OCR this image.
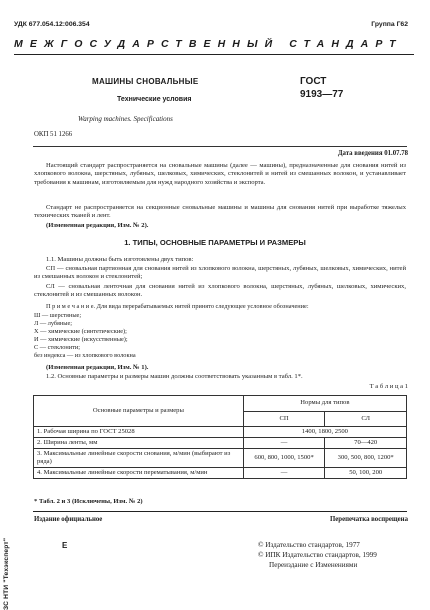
УДК 677.054.12:006.354	Группа Г62
МЕЖГОСУДАРСТВЕННЫЙ СТАНДАРТ
МАШИНЫ СНОВАЛЬНЫЕ
Технические условия
Warping machines. Specifications
ГОСТ
9193—77
ОКП 51 1266
Дата введения 01.07.78
Настоящий стандарт распространяется на сновальные машины (далее — машины), предназначенные для снования нитей из хлопкового волокна, шерстяных, лубяных, шелковых, химических, стеклонитей и нитей из смешанных волокон, и устанавливает требования к машинам, изготовляемым для нужд народного хозяйства и экспорта.
Стандарт не распространяется на секционные сновальные машины и машины для снования нитей при выработке тяжелых технических тканей и лент.
(Измененная редакция, Изм. № 2).
1. ТИПЫ, ОСНОВНЫЕ ПАРАМЕТРЫ И РАЗМЕРЫ
1.1. Машины должны быть изготовлены двух типов:
СП — сновальная партионная для снования нитей из хлопкового волокна, шерстяных, лубяных, шелковых, химических, нитей из смешанных волокон и стеклонитей;
СЛ — сновальная ленточная для снования нитей из хлопкового волокна, шерстяных, лубяных, шелковых, химических, стеклонитей и из смешанных волокон.
П р и м е ч а н и е. Для вида перерабатываемых нитей принято следующее условное обозначение:
Ш — шерстяные;
Л — лубяные;
Х — химические (синтетические);
И — химические (искусственные);
С — стеклонити;
без индекса — из хлопкового волокна
(Измененная редакция, Изм. № 1).
1.2. Основные параметры и размеры машин должны соответствовать указанным в табл. 1*.
Т а б л и ц а 1
Основные параметры и размеры	Нормы для типов	
	СП	СЛ
1. Рабочая ширина по ГОСТ 25028	1400, 1800, 2500	
2. Ширина ленты, мм	—	70—420
3. Максимальные линейные скорости снования, м/мин (выбирают из ряда)	600, 800, 1000, 1500*	300, 500, 800, 1200*
4. Максимальные линейные скорости перематывания, м/мин	—	50, 100, 200
* Табл. 2 и 3 (Исключены, Изм. № 2)
Издание официальное	Перепечатка воспрещена
E	© Издательство стандартов, 1977
© ИПК Издательство стандартов, 1999
Переиздание с Изменениями
ЗС НТИ "Техэксперт"
